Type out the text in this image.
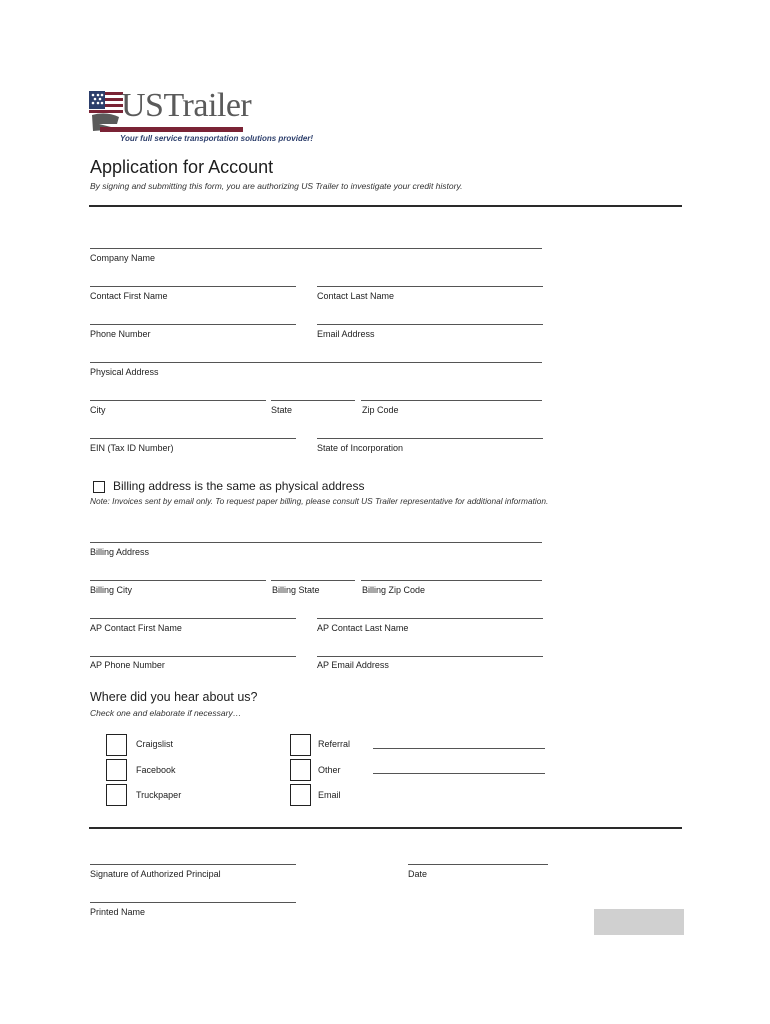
USTrailer
Your full service transportation solutions provider!
Application for Account
By signing and submitting this form, you are authorizing US Trailer to investigate your credit history.
Company Name
Contact First Name	Contact Last Name
Phone Number	Email Address
Physical Address
City	State	Zip Code
EIN (Tax ID Number)	State of Incorporation
Billing address is the same as physical address
Note: Invoices sent by email only. To request paper billing, please consult US Trailer representative for additional information.
Billing Address
Billing City	Billing State	Billing Zip Code
AP Contact First Name	AP Contact Last Name
AP Phone Number	AP Email Address
Where did you hear about us?
Check one and elaborate if necessary…
Craigslist
Facebook
Truckpaper
Referral
Other
Email
Signature of Authorized Principal	Date
Printed Name
